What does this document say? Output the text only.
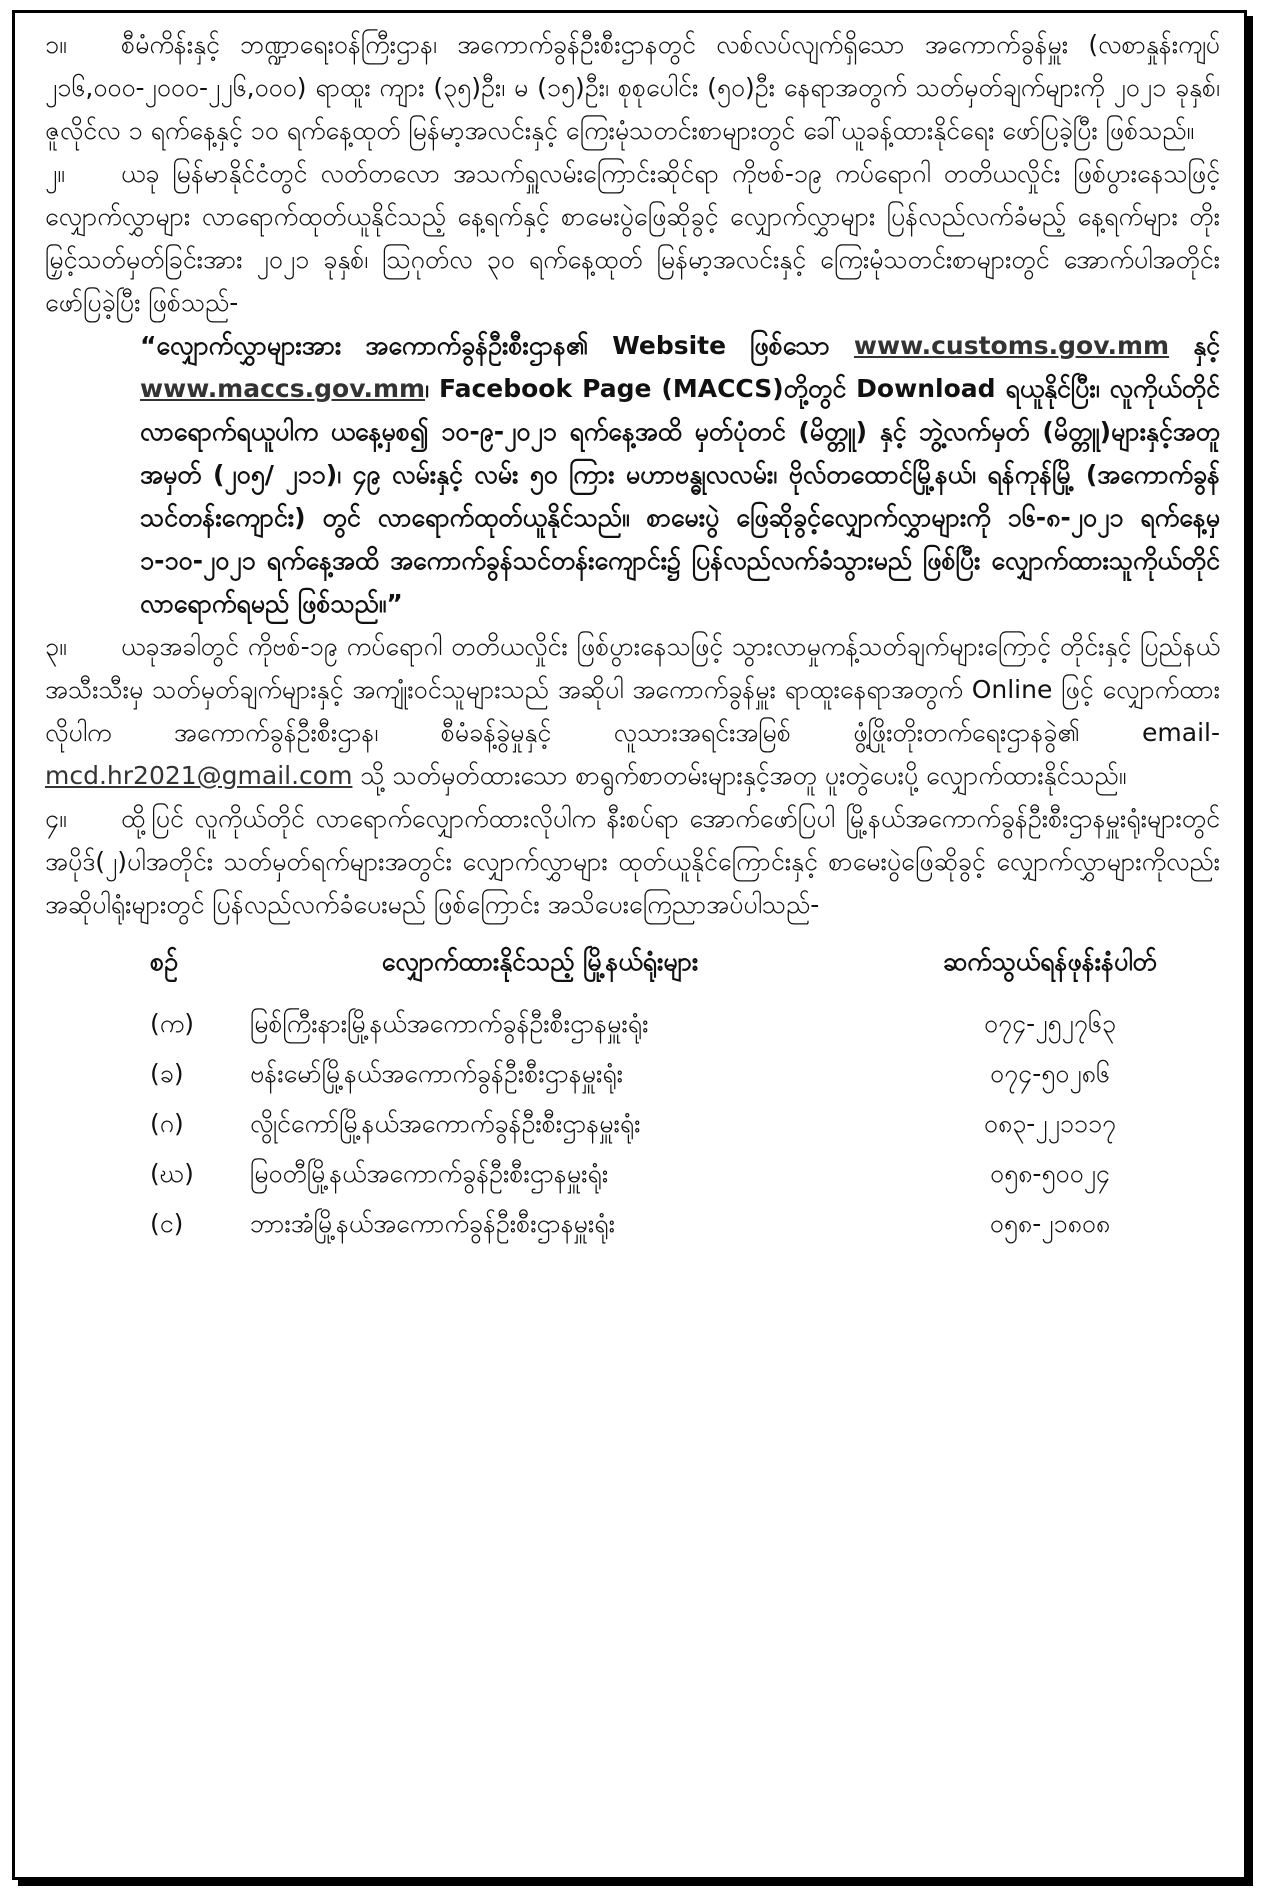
၁။ စီမံကိန်းနှင့် ဘဏ္ဍာရေးဝန်ကြီးဌာန၊ အကောက်ခွန်ဦးစီးဌာနတွင် လစ်လပ်လျက်ရှိသော အကောက်ခွန်မှူး (လစာနှုန်းကျပ် ၂၁၆,၀၀၀-၂၀၀၀-၂၂၆,၀၀၀) ရာထူး ကျား (၃၅)ဦး၊ မ (၁၅)ဦး၊ စုစုပေါင်း (၅၀)ဦး နေရာအတွက် သတ်မှတ်ချက်များကို ၂၀၂၁ ခုနှစ်၊ ဇူလိုင်လ ၁ ရက်နေ့နှင့် ၁၀ ရက်နေ့ထုတ် မြန်မာ့အလင်းနှင့် ကြေးမုံသတင်းစာများတွင် ခေါ်ယူခန့်ထားနိုင်ရေး ဖော်ပြခဲ့ပြီး ဖြစ်သည်။

၂။ ယခု မြန်မာနိုင်ငံတွင် လတ်တလော အသက်ရှူလမ်းကြောင်းဆိုင်ရာ ကိုဗစ်-၁၉ ကပ်ရောဂါ တတိယလှိုင်း ဖြစ်ပွားနေသဖြင့် လျှောက်လွှာများ လာရောက်ထုတ်ယူနိုင်သည့် နေ့ရက်နှင့် စာမေးပွဲဖြေဆိုခွင့် လျှောက်လွှာများ ပြန်လည်လက်ခံမည့် နေ့ရက်များ တိုးမြှင့်သတ်မှတ်ခြင်းအား ၂၀၂၁ ခုနှစ်၊ ဩဂုတ်လ ၃၀ ရက်နေ့ထုတ် မြန်မာ့အလင်းနှင့် ကြေးမုံသတင်းစာများတွင် အောက်ပါအတိုင်း ဖော်ပြခဲ့ပြီး ဖြစ်သည်-

“လျှောက်လွှာများအား အကောက်ခွန်ဦးစီးဌာန၏ Website ဖြစ်သော www.customs.gov.mm နှင့် www.maccs.gov.mm၊ Facebook Page (MACCS)တို့တွင် Download ရယူနိုင်ပြီး၊ လူကိုယ်တိုင် လာရောက်ရယူပါက ယနေ့မှစ၍ ၁၀-၉-၂၀၂၁ ရက်နေ့အထိ မှတ်ပုံတင် (မိတ္တူ) နှင့် ဘွဲ့လက်မှတ် (မိတ္တူ)များနှင့်အတူ အမှတ် (၂၀၅/ ၂၁၁)၊ ၄၉ လမ်းနှင့် လမ်း ၅၀ ကြား မဟာဗန္ဓုလလမ်း၊ ဗိုလ်တထောင်မြို့နယ်၊ ရန်ကုန်မြို့ (အကောက်ခွန်သင်တန်းကျောင်း) တွင် လာရောက်ထုတ်ယူနိုင်သည်။ စာမေးပွဲ ဖြေဆိုခွင့်လျှောက်လွှာများကို ၁၆-၈-၂၀၂၁ ရက်နေ့မှ ၁-၁၀-၂၀၂၁ ရက်နေ့အထိ အကောက်ခွန်သင်တန်းကျောင်း၌ ပြန်လည်လက်ခံသွားမည် ဖြစ်ပြီး လျှောက်ထားသူကိုယ်တိုင် လာရောက်ရမည် ဖြစ်သည်။”

၃။ ယခုအခါတွင် ကိုဗစ်-၁၉ ကပ်ရောဂါ တတိယလှိုင်း ဖြစ်ပွားနေသဖြင့် သွားလာမှုကန့်သတ်ချက်များကြောင့် တိုင်းနှင့် ပြည်နယ်အသီးသီးမှ သတ်မှတ်ချက်များနှင့် အကျုံးဝင်သူများသည် အဆိုပါ အကောက်ခွန်မှူး ရာထူးနေရာအတွက် Online ဖြင့် လျှောက်ထားလိုပါက အကောက်ခွန်ဦးစီးဌာန၊ စီမံခန့်ခွဲမှုနှင့် လူသားအရင်းအမြစ် ဖွံ့ဖြိုးတိုးတက်ရေးဌာနခွဲ၏ email- mcd.hr2021@gmail.com သို့ သတ်မှတ်ထားသော စာရွက်စာတမ်းများနှင့်အတူ ပူးတွဲပေးပို့ လျှောက်ထားနိုင်သည်။

၄။ ထို့ပြင် လူကိုယ်တိုင် လာရောက်လျှောက်ထားလိုပါက နီးစပ်ရာ အောက်ဖော်ပြပါ မြို့နယ်အကောက်ခွန်ဦးစီးဌာနမှူးရုံးများတွင် အပိုဒ်(၂)ပါအတိုင်း သတ်မှတ်ရက်များအတွင်း လျှောက်လွှာများ ထုတ်ယူနိုင်ကြောင်းနှင့် စာမေးပွဲဖြေဆိုခွင့် လျှောက်လွှာများကိုလည်း အဆိုပါရုံးများတွင် ပြန်လည်လက်ခံပေးမည် ဖြစ်ကြောင်း အသိပေးကြေညာအပ်ပါသည်-

စဉ်	လျှောက်ထားနိုင်သည့် မြို့နယ်ရုံးများ	ဆက်သွယ်ရန်ဖုန်းနံပါတ်
(က)	မြစ်ကြီးနားမြို့နယ်အကောက်ခွန်ဦးစီးဌာနမှူးရုံး	၀၇၄-၂၅၂၇၆၃
(ခ)	ဗန်းမော်မြို့နယ်အကောက်ခွန်ဦးစီးဌာနမှူးရုံး	၀၇၄-၅၀၂၈၆
(ဂ)	လွိုင်ကော်မြို့နယ်အကောက်ခွန်ဦးစီးဌာနမှူးရုံး	၀၈၃-၂၂၁၁၁၇
(ဃ)	မြဝတီမြို့နယ်အကောက်ခွန်ဦးစီးဌာနမှူးရုံး	၀၅၈-၅၀၀၂၄
(င)	ဘားအံမြို့နယ်အကောက်ခွန်ဦးစီးဌာနမှူးရုံး	၀၅၈-၂၁၈၀၈
